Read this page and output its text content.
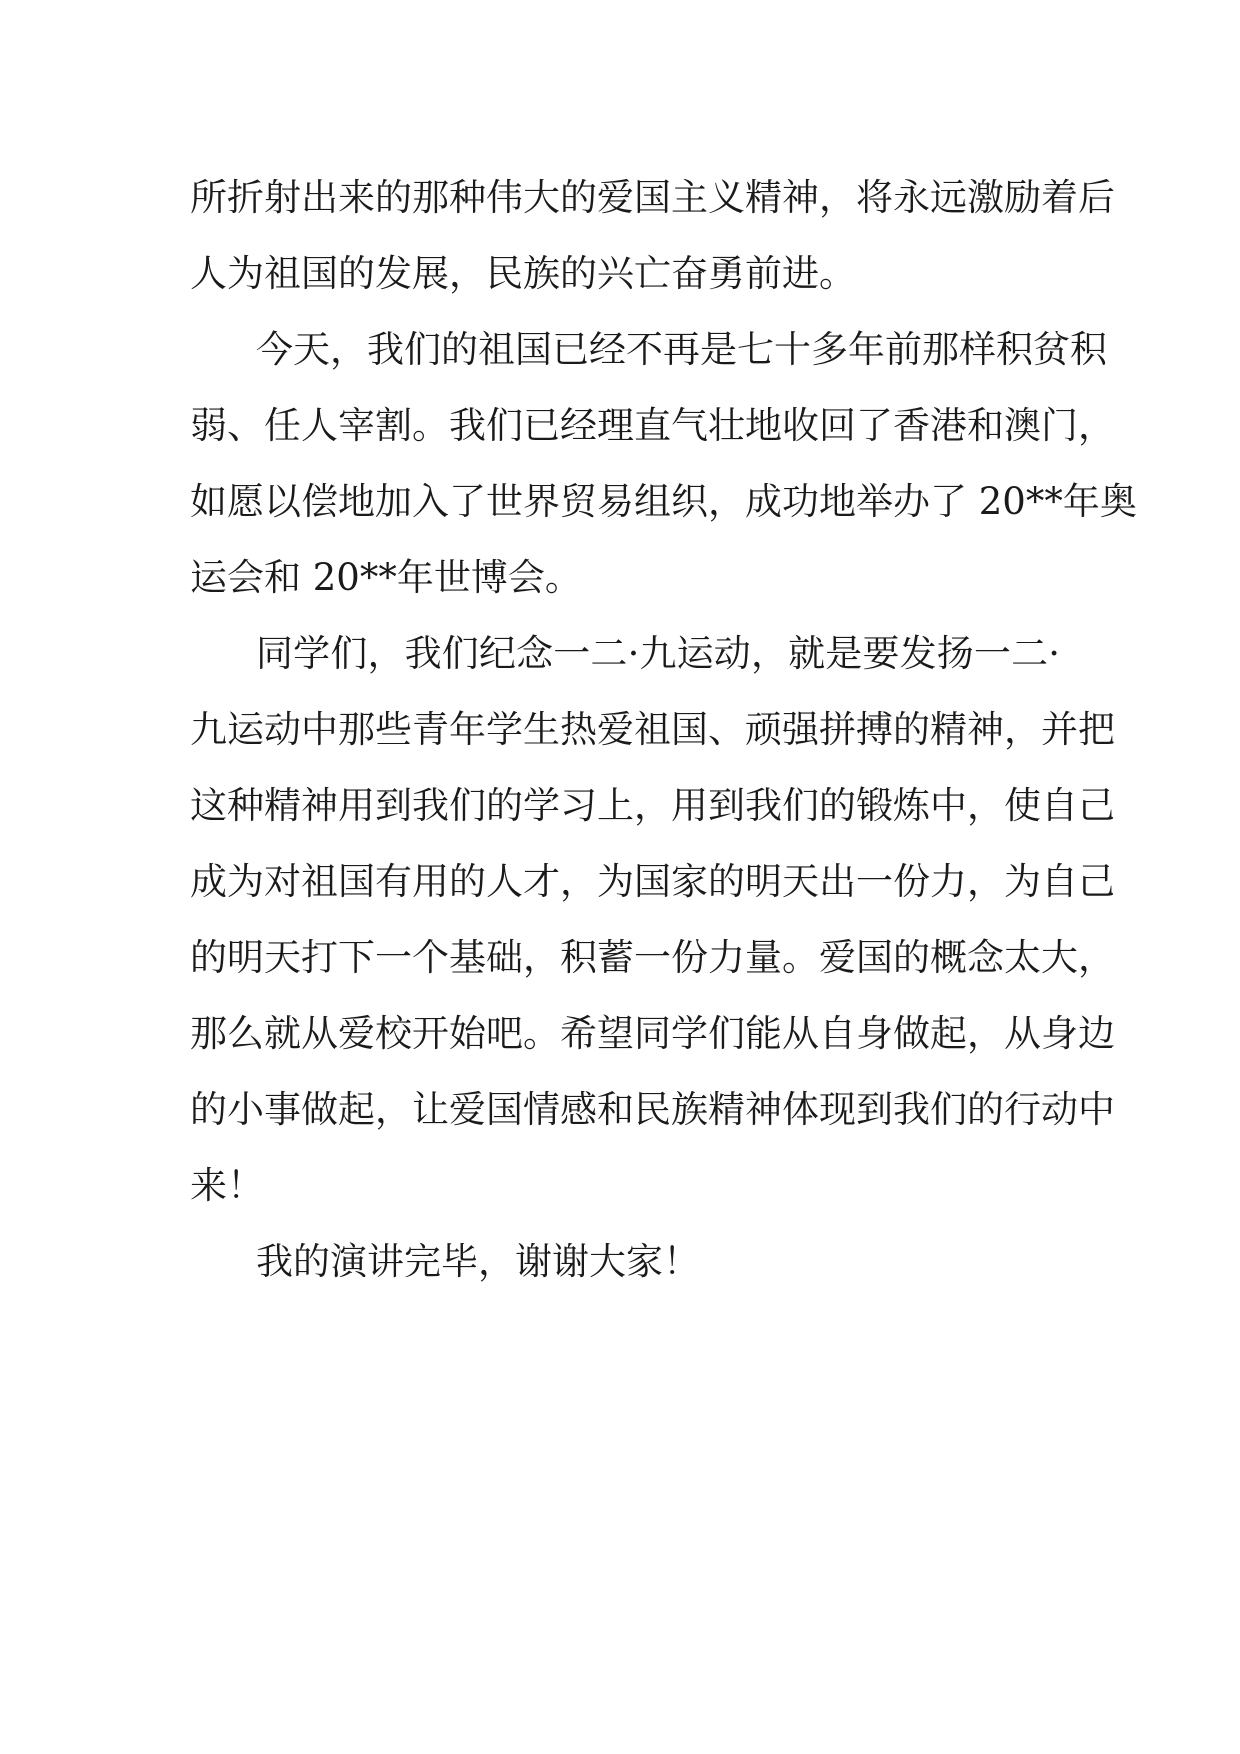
所折射出来的那种伟大的爱国主义精神，将永远激励着后
人为祖国的发展，民族的兴亡奋勇前进。
今天，我们的祖国已经不再是七十多年前那样积贫积
弱、任人宰割。我们已经理直气壮地收回了香港和澳门，
如愿以偿地加入了世界贸易组织，成功地举办了 20**年奥
运会和 20**年世博会。
同学们，我们纪念一二·九运动，就是要发扬一二·
九运动中那些青年学生热爱祖国、顽强拼搏的精神，并把
这种精神用到我们的学习上，用到我们的锻炼中，使自己
成为对祖国有用的人才，为国家的明天出一份力，为自己
的明天打下一个基础，积蓄一份力量。爱国的概念太大，
那么就从爱校开始吧。希望同学们能从自身做起，从身边
的小事做起，让爱国情感和民族精神体现到我们的行动中
来！
我的演讲完毕，谢谢大家！
